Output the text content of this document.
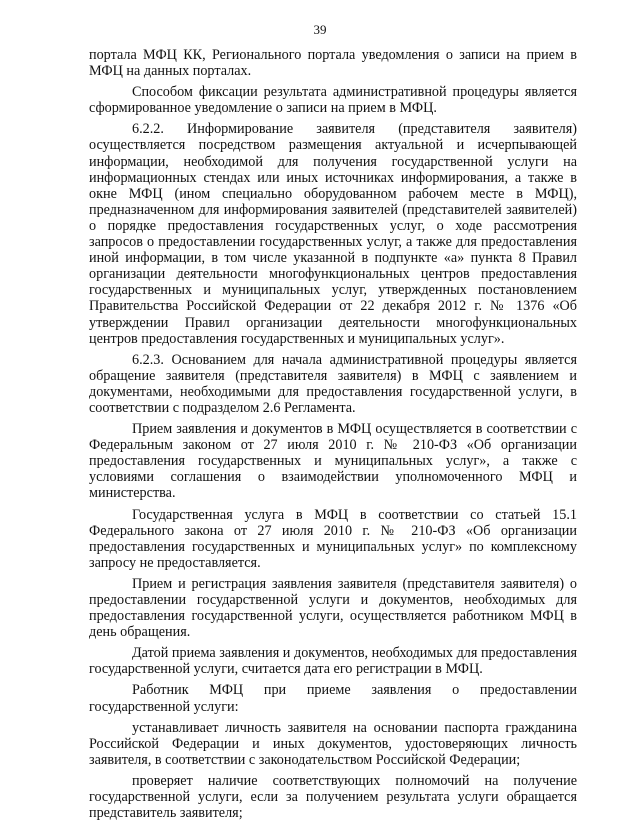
39

портала МФЦ КК, Регионального портала уведомления о записи на прием в МФЦ на данных порталах.

Способом фиксации результата административной процедуры является сформированное уведомление о записи на прием в МФЦ.

6.2.2. Информирование заявителя (представителя заявителя) осуществляется посредством размещения актуальной и исчерпывающей информации, необходимой для получения государственной услуги на информационных стендах или иных источниках информирования, а также в окне МФЦ (ином специально оборудованном рабочем месте в МФЦ), предназначенном для информирования заявителей (представителей заявителей) о порядке предоставления государственных услуг, о ходе рассмотрения запросов о предоставлении государственных услуг, а также для предоставления иной информации, в том числе указанной в подпункте «а» пункта 8 Правил организации деятельности многофункциональных центров предоставления государственных и муниципальных услуг, утвержденных постановлением Правительства Российской Федерации от 22 декабря 2012 г. № 1376 «Об утверждении Правил организации деятельности многофункциональных центров предоставления государственных и муниципальных услуг».

6.2.3. Основанием для начала административной процедуры является обращение заявителя (представителя заявителя) в МФЦ с заявлением и документами, необходимыми для предоставления государственной услуги, в соответствии с подразделом 2.6 Регламента.

Прием заявления и документов в МФЦ осуществляется в соответствии с Федеральным законом от 27 июля 2010 г. № 210-ФЗ «Об организации предоставления государственных и муниципальных услуг», а также с условиями соглашения о взаимодействии уполномоченного МФЦ и министерства.

Государственная услуга в МФЦ в соответствии со статьей 15.1 Федерального закона от 27 июля 2010 г. № 210-ФЗ «Об организации предоставления государственных и муниципальных услуг» по комплексному запросу не предоставляется.

Прием и регистрация заявления заявителя (представителя заявителя) о предоставлении государственной услуги и документов, необходимых для предоставления государственной услуги, осуществляется работником МФЦ в день обращения.

Датой приема заявления и документов, необходимых для предоставления государственной услуги, считается дата его регистрации в МФЦ.

Работник МФЦ при приеме заявления о предоставлении государственной услуги:

устанавливает личность заявителя на основании паспорта гражданина Российской Федерации и иных документов, удостоверяющих личность заявителя, в соответствии с законодательством Российской Федерации;

проверяет наличие соответствующих полномочий на получение государственной услуги, если за получением результата услуги обращается представитель заявителя;
